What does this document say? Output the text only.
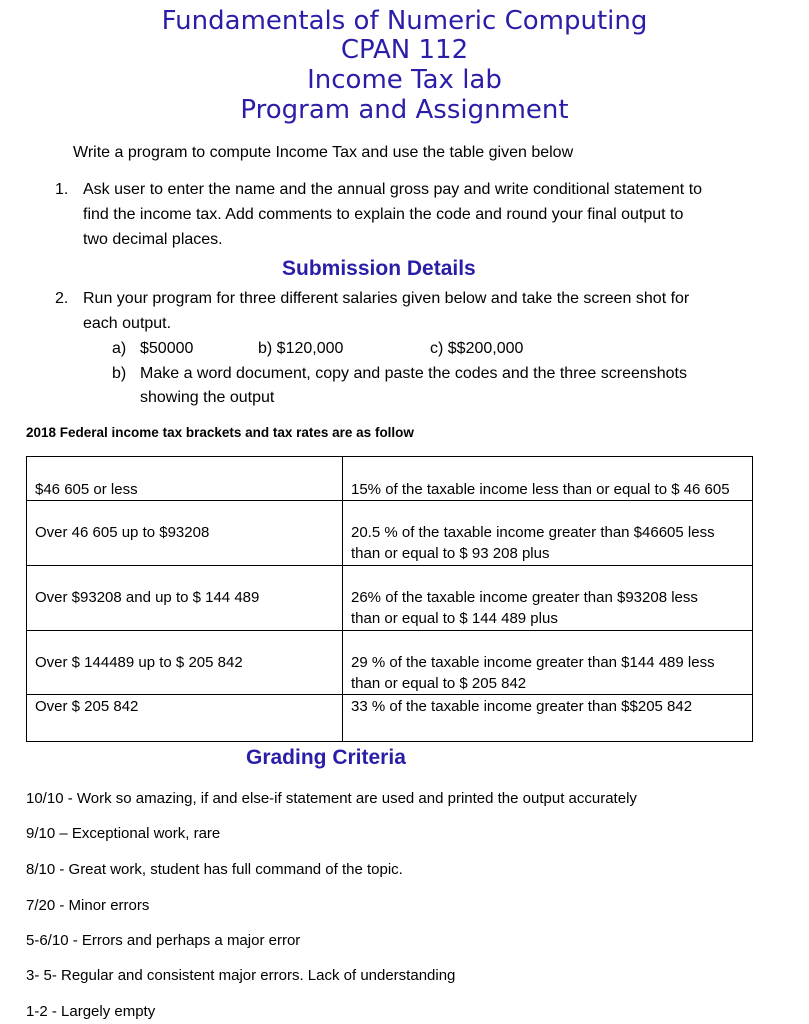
Fundamentals of Numeric Computing
CPAN 112
Income Tax lab
Program and Assignment
Write a program to compute Income Tax and use the table given below
1. Ask user to enter the name and the annual gross pay and write conditional statement to
find the income tax. Add comments to explain the code and round your final output to
two decimal places.
Submission Details
2. Run your program for three different salaries given below and take the screen shot for
each output.
a) $50000	b) $120,000	c) $$200,000
b) Make a word document, copy and paste the codes and the three screenshots
showing the output
2018 Federal income tax brackets and tax rates are as follow
$46 605 or less	15% of the taxable income less than or equal to $ 46 605
Over 46 605 up to $93208	20.5 % of the taxable income greater than $46605 less
than or equal to $ 93 208 plus

Over $93208 and up to $ 144 489	26% of the taxable income greater than $93208 less
than or equal to $ 144 489 plus

Over $ 144489 up to $ 205 842	29 % of the taxable income greater than $144 489 less
than or equal to $ 205 842

Over $ 205 842	33 % of the taxable income greater than $$205 842
Grading Criteria
10/10 - Work so amazing, if and else-if statement are used and printed the output accurately
9/10 – Exceptional work, rare
8/10 - Great work, student has full command of the topic.
7/20 - Minor errors
5-6/10 - Errors and perhaps a major error
3- 5- Regular and consistent major errors. Lack of understanding
1-2 - Largely empty
